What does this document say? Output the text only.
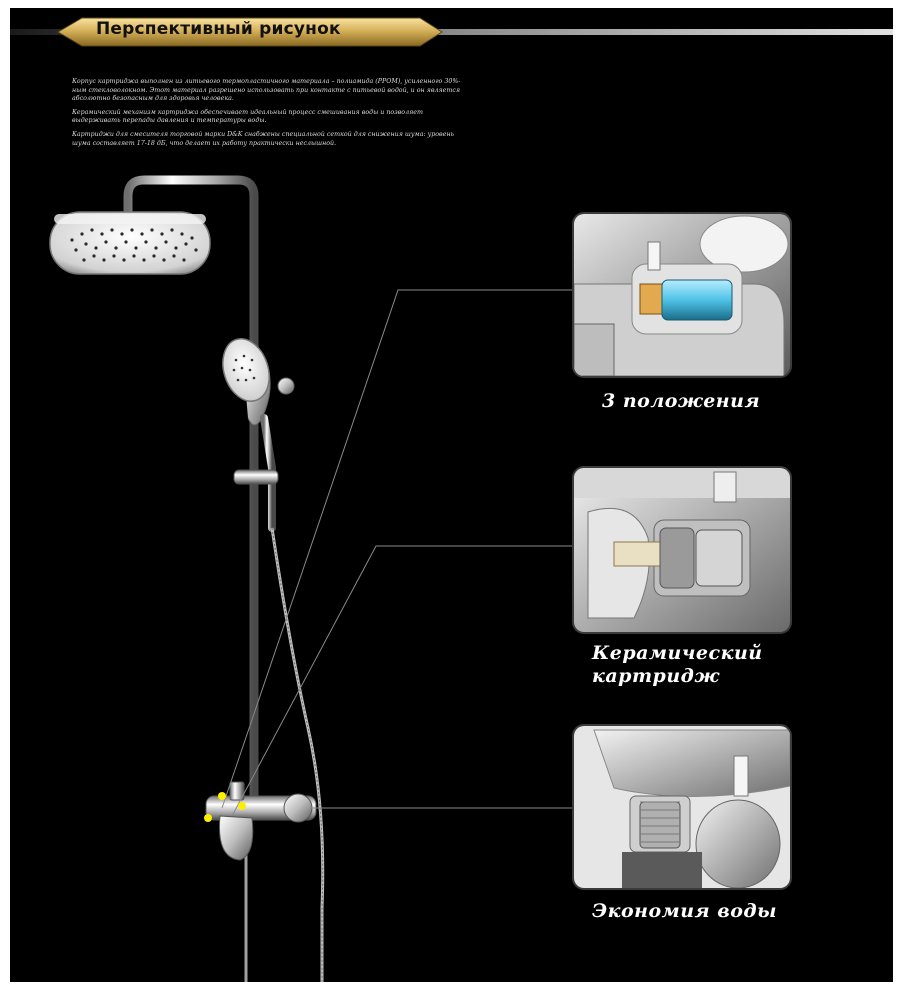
Перспективный рисунок

Корпус картриджа выполнен из литьевого термопластичного материала – полиамида (PPOM), усиленного 30%-ным стекловолокном. Этот материал разрешено использовать при контакте с питьевой водой, и он является абсолютно безопасным для здоровья человека.

Керамический механизм картриджа обеспечивает идеальный процесс смешивания воды и позволяет выдерживать перепады давления и температуры воды.

Картриджи для смесителя торговой марки D&K снабжены специальной сеткой для снижения шума: уровень шума составляет 17-18 дБ, что делает их работу практически неслышной.

3 положения
Керамический
картридж
Экономия воды
